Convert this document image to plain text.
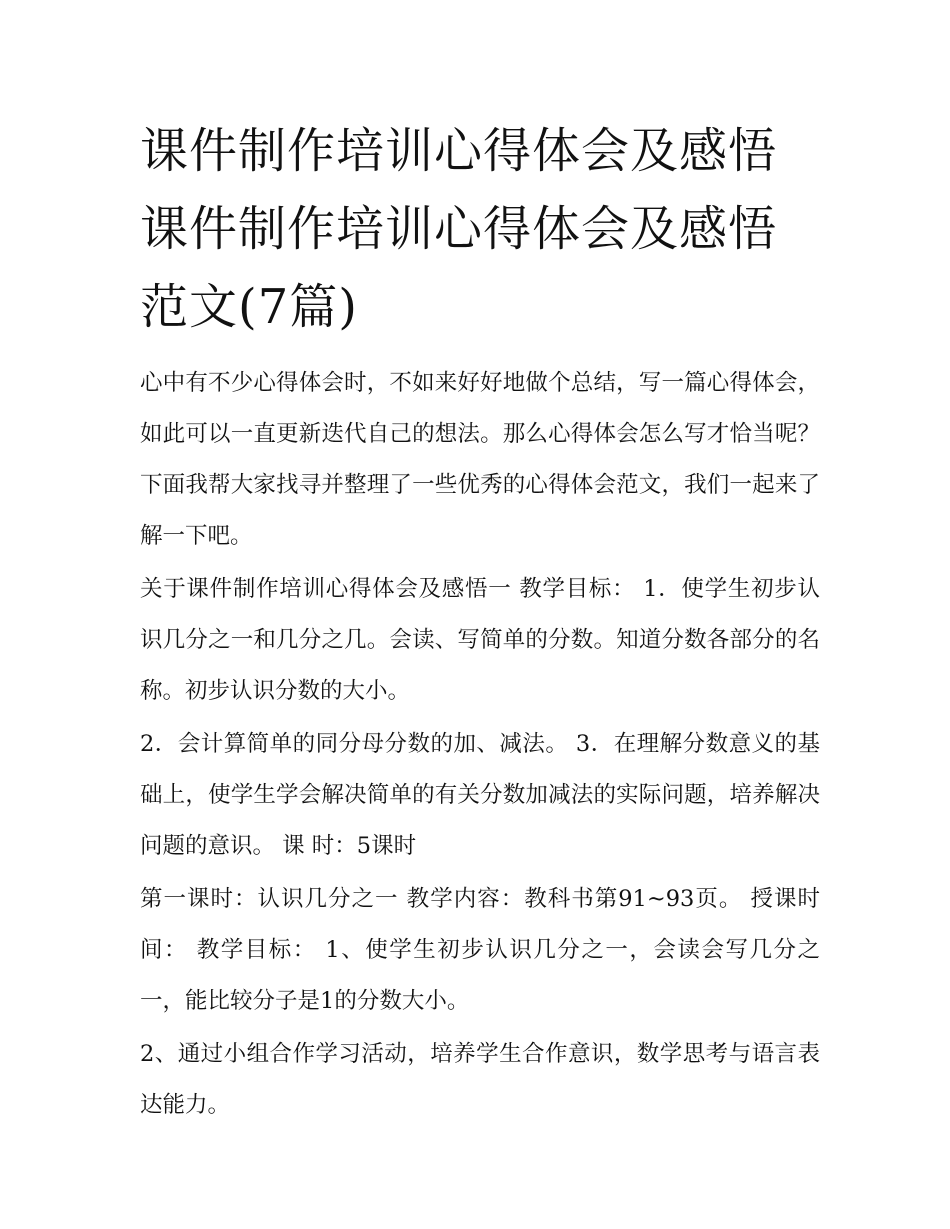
课件制作培训心得体会及感悟课件制作培训心得体会及感悟范文(7篇)

心中有不少心得体会时，不如来好好地做个总结，写一篇心得体会，如此可以一直更新迭代自己的想法。那么心得体会怎么写才恰当呢？下面我帮大家找寻并整理了一些优秀的心得体会范文，我们一起来了解一下吧。

关于课件制作培训心得体会及感悟一 教学目标： 1．使学生初步认识几分之一和几分之几。会读、写简单的分数。知道分数各部分的名称。初步认识分数的大小。

2．会计算简单的同分母分数的加、减法。 3．在理解分数意义的基础上，使学生学会解决简单的有关分数加减法的实际问题，培养解决问题的意识。 课 时：5课时

第一课时：认识几分之一 教学内容：教科书第91~93页。 授课时间： 教学目标： 1、使学生初步认识几分之一，会读会写几分之一，能比较分子是1的分数大小。

2、通过小组合作学习活动，培养学生合作意识，数学思考与语言表达能力。
